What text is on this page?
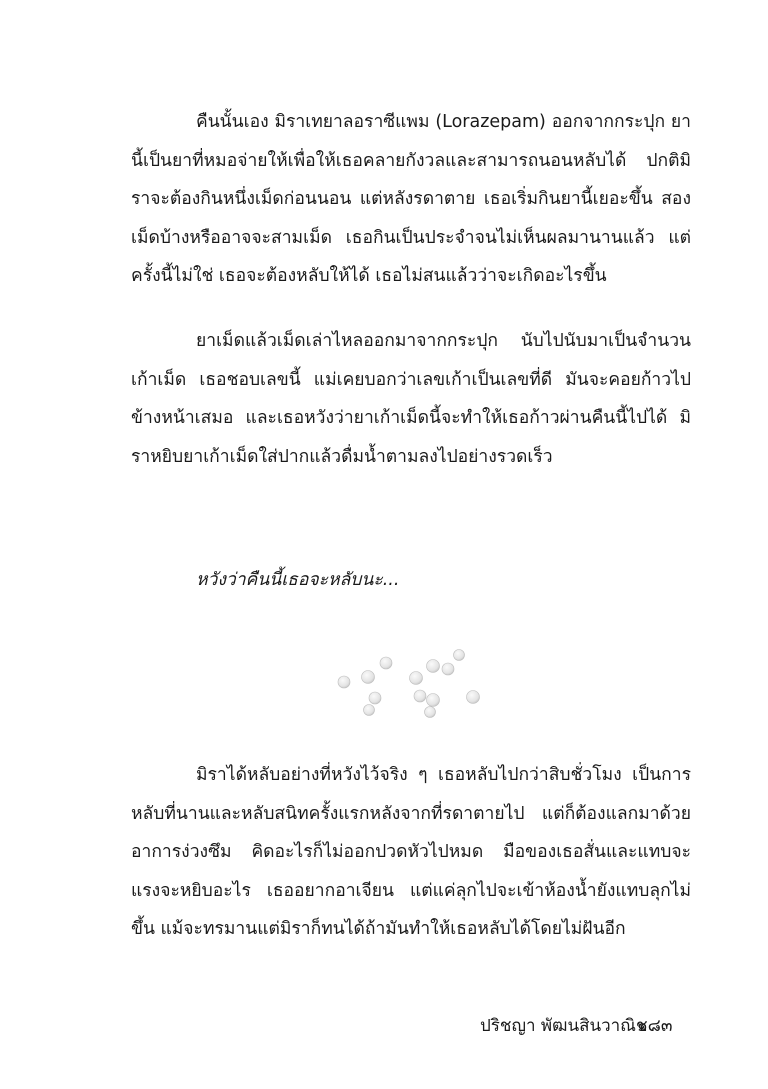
คืนนั้นเอง มิราเทยาลอราซีแพม (Lorazepam) ออกจากกระปุก ยา
นี้เป็นยาที่หมอจ่ายให้เพื่อให้เธอคลายกังวลและสามารถนอนหลับได้ ปกติมิ
ราจะต้องกินหนึ่งเม็ดก่อนนอน แต่หลังรดาตาย เธอเริ่มกินยานี้เยอะขึ้น สอง
เม็ดบ้างหรืออาจจะสามเม็ด เธอกินเป็นประจำจนไม่เห็นผลมานานแล้ว แต่
ครั้งนี้ไม่ใช่ เธอจะต้องหลับให้ได้ เธอไม่สนแล้วว่าจะเกิดอะไรขึ้น
ยาเม็ดแล้วเม็ดเล่าไหลออกมาจากกระปุก นับไปนับมาเป็นจำนวน
เก้าเม็ด เธอชอบเลขนี้ แม่เคยบอกว่าเลขเก้าเป็นเลขที่ดี มันจะคอยก้าวไป
ข้างหน้าเสมอ และเธอหวังว่ายาเก้าเม็ดนี้จะทำให้เธอก้าวผ่านคืนนี้ไปได้ มิ
ราหยิบยาเก้าเม็ดใส่ปากแล้วดื่มน้ำตามลงไปอย่างรวดเร็ว
หวังว่าคืนนี้เธอจะหลับนะ...
มิราได้หลับอย่างที่หวังไว้จริง ๆ เธอหลับไปกว่าสิบชั่วโมง เป็นการ
หลับที่นานและหลับสนิทครั้งแรกหลังจากที่รดาตายไป แต่ก็ต้องแลกมาด้วย
อาการง่วงซึม คิดอะไรก็ไม่ออกปวดหัวไปหมด มือของเธอสั่นและแทบจะ
แรงจะหยิบอะไร เธออยากอาเจียน แต่แค่ลุกไปจะเข้าห้องน้ำยังแทบลุกไม่
ขึ้น แม้จะทรมานแต่มิราก็ทนได้ถ้ามันทำให้เธอหลับได้โดยไม่ฝันอีก
ปริชญา พัฒนสินวาณิช
๑๘๓
